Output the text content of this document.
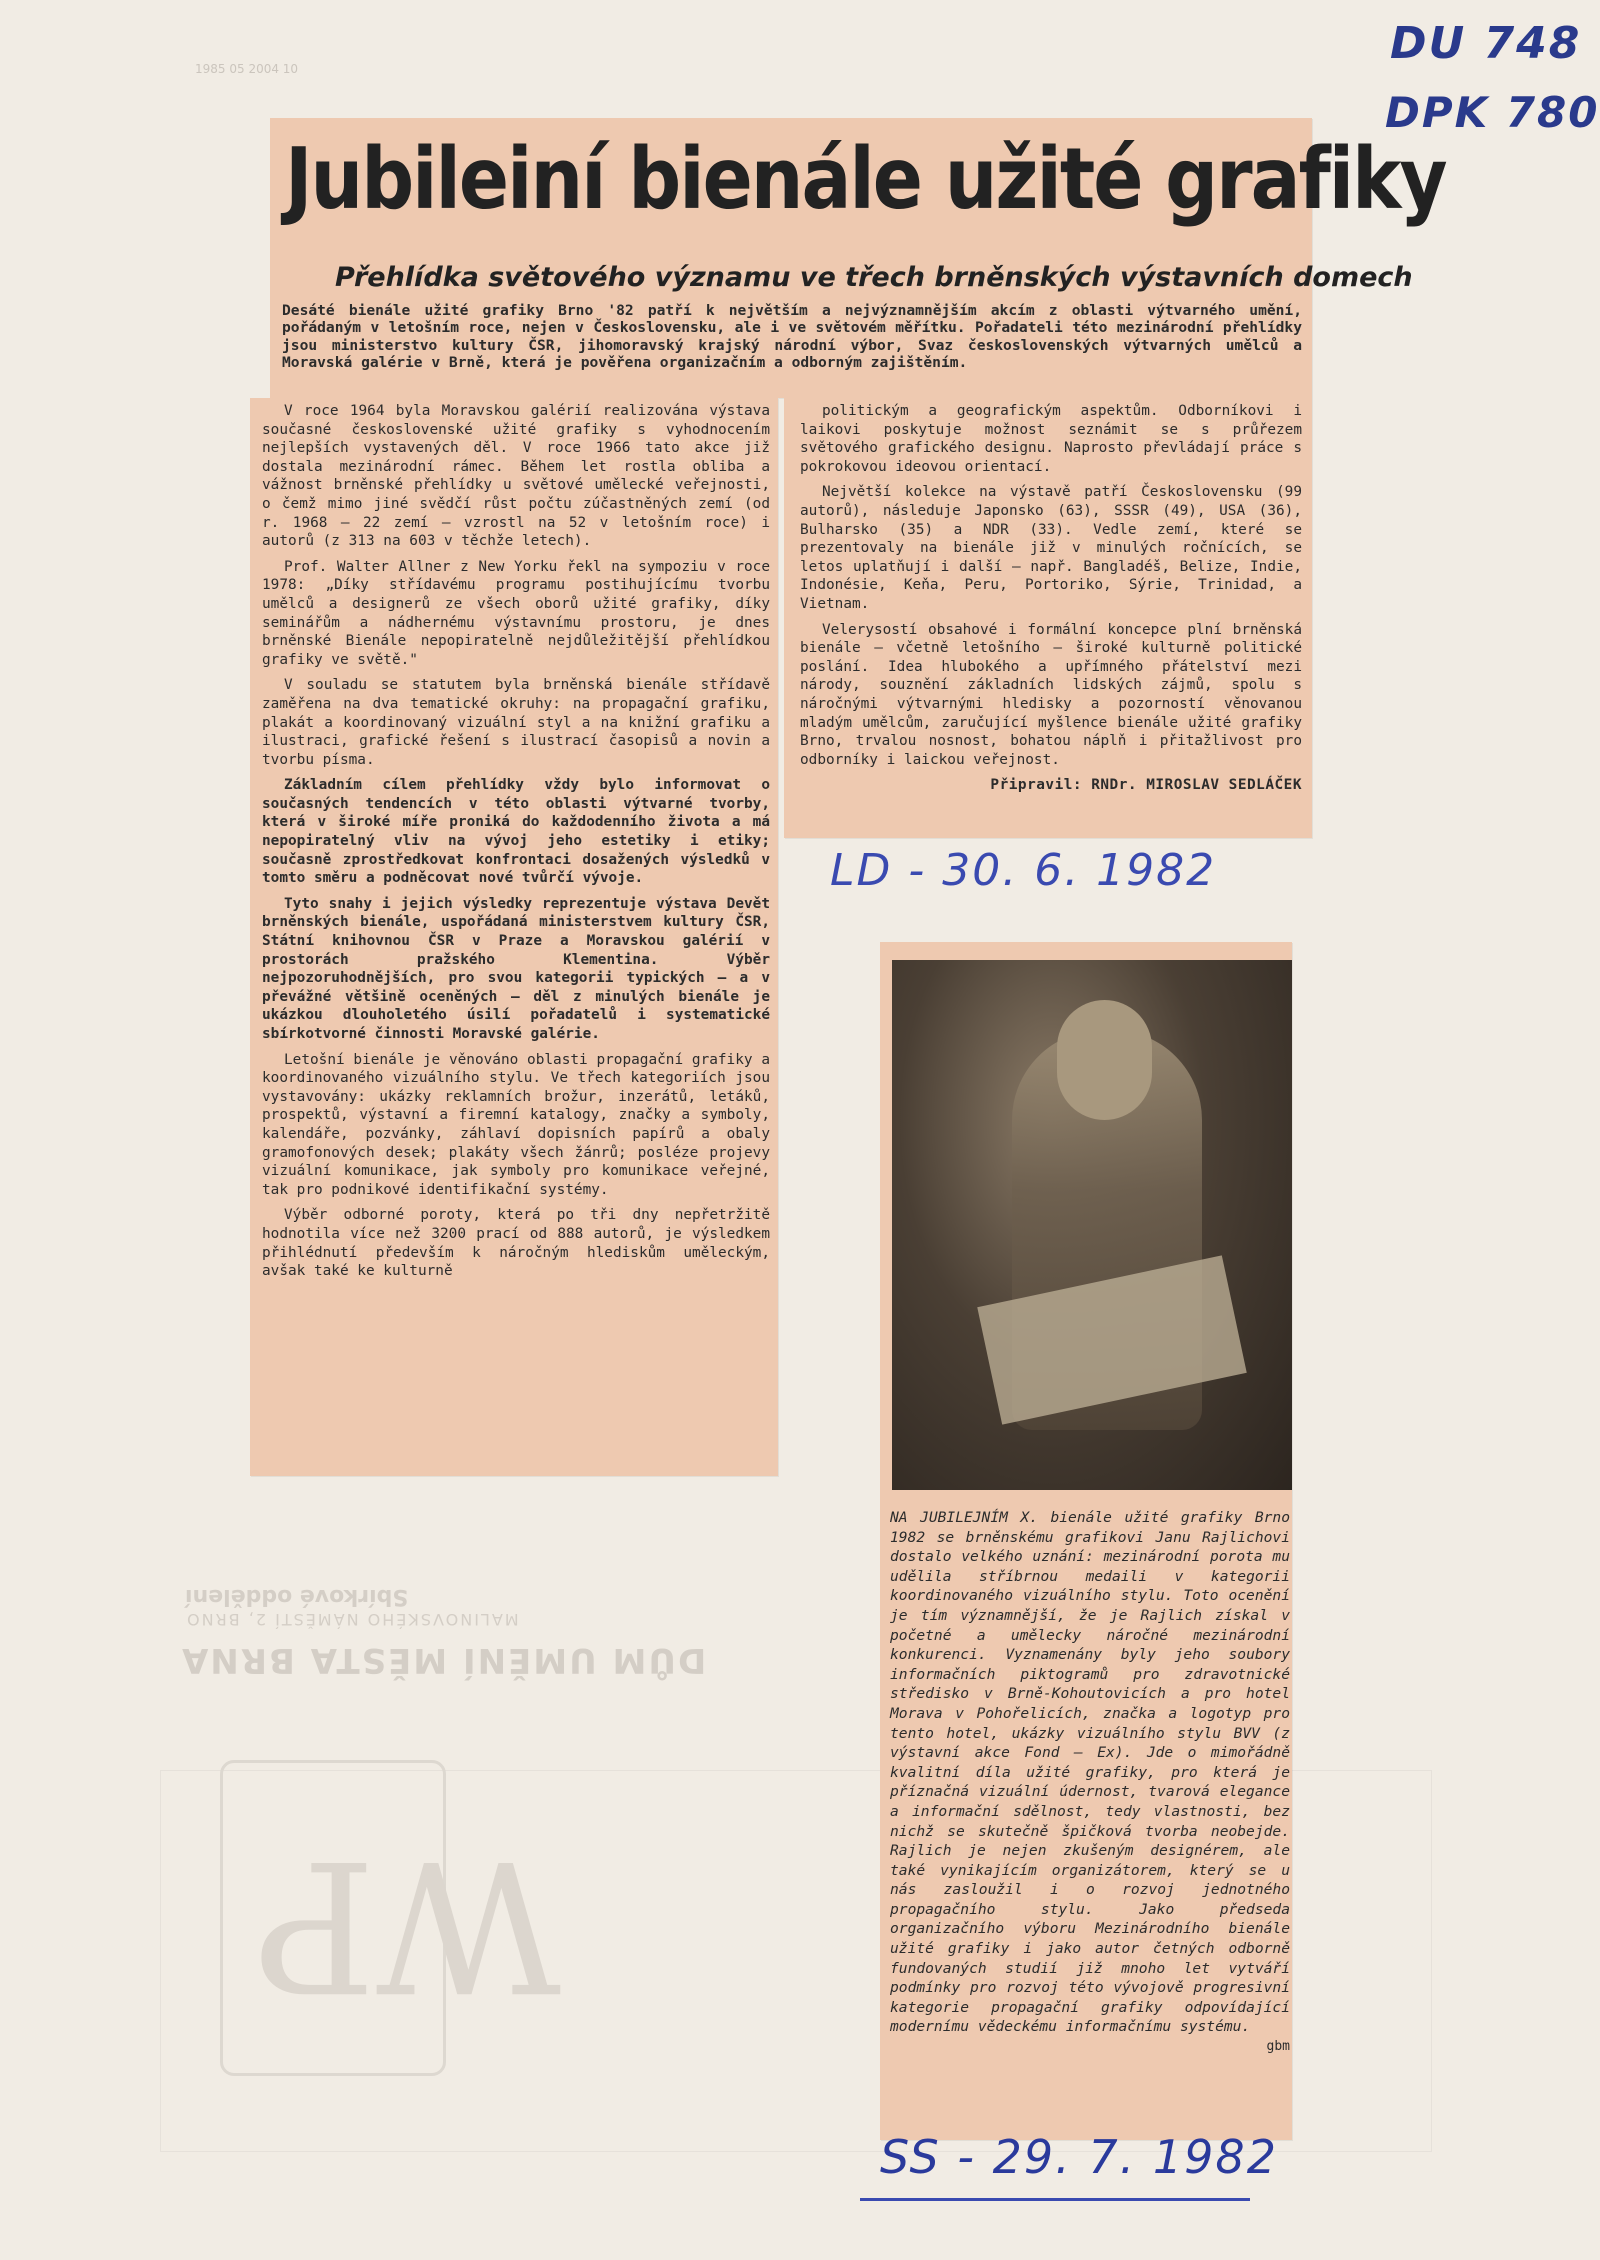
1985 05 2004 10	DU 748
DPK 780
DŮM UMĚNÍ MĚSTA BRNA
MALINOVSKÉHO NÁMĚSTÍ 2, BRNO
Sbírkové oddělení
WP
Jubileiní bienále užité grafiky
Přehlídka světového významu ve třech brněnských výstavních domech
Desáté bienále užité grafiky Brno '82 patří k největším a nejvýznamnějším akcím z oblasti výtvarného umění, pořádaným v letošním roce, nejen v Československu, ale i ve světovém měřítku. Pořadateli této mezinárodní přehlídky jsou ministerstvo kultury ČSR, jihomoravský krajský národní výbor, Svaz československých výtvarných umělců a Moravská galérie v Brně, která je pověřena organizačním a odborným zajištěním.

V roce 1964 byla Moravskou galérií realizována výstava současné československé užité grafiky s vyhodnocením nejlepších vystavených děl. V roce 1966 tato akce již dostala mezinárodní rámec. Během let rostla obliba a vážnost brněnské přehlídky u světové umělecké veřejnosti, o čemž mimo jiné svědčí růst počtu zúčastněných zemí (od r. 1968 — 22 zemí — vzrostl na 52 v letošním roce) i autorů (z 313 na 603 v těchže letech).

Prof. Walter Allner z New Yorku řekl na sympoziu v roce 1978: „Díky střídavému programu postihujícímu tvorbu umělců a designerů ze všech oborů užité grafiky, díky seminářům a nádhernému výstavnímu prostoru, je dnes brněnské Bienále nepopiratelně nejdůležitější přehlídkou grafiky ve světě."

V souladu se statutem byla brněnská bienále střídavě zaměřena na dva tematické okruhy: na propagační grafiku, plakát a koordinovaný vizuální styl a na knižní grafiku a ilustraci, grafické řešení s ilustrací časopisů a novin a tvorbu písma.

Základním cílem přehlídky vždy bylo informovat o současných tendencích v této oblasti výtvarné tvorby, která v široké míře proniká do každodenního života a má nepopiratelný vliv na vývoj jeho estetiky i etiky; současně zprostředkovat konfrontaci dosažených výsledků v tomto směru a podněcovat nové tvůrčí vývoje.

Tyto snahy i jejich výsledky reprezentuje výstava Devět brněnských bienále, uspořádaná ministerstvem kultury ČSR, Státní knihovnou ČSR v Praze a Moravskou galérií v prostorách pražského Klementina. Výběr nejpozoruhodnějších, pro svou kategorii typických — a v převážné většině oceněných — děl z minulých bienále je ukázkou dlouholetého úsilí pořadatelů i systematické sbírkotvorné činnosti Moravské galérie.

Letošní bienále je věnováno oblasti propagační grafiky a koordinovaného vizuálního stylu. Ve třech kategoriích jsou vystavovány: ukázky reklamních brožur, inzerátů, letáků, prospektů, výstavní a firemní katalogy, značky a symboly, kalendáře, pozvánky, záhlaví dopisních papírů a obaly gramofonových desek; plakáty všech žánrů; posléze projevy vizuální komunikace, jak symboly pro komunikace veřejné, tak pro podnikové identifikační systémy.

Výběr odborné poroty, která po tři dny nepřetržitě hodnotila více než 3200 prací od 888 autorů, je výsledkem přihlédnutí především k náročným hlediskům uměleckým, avšak také ke kulturně

politickým a geografickým aspektům. Odborníkovi i laikovi poskytuje možnost seznámit se s průřezem světového grafického designu. Naprosto převládají práce s pokrokovou ideovou orientací.

Největší kolekce na výstavě patří Československu (99 autorů), následuje Japonsko (63), SSSR (49), USA (36), Bulharsko (35) a NDR (33). Vedle zemí, které se prezentovaly na bienále již v minulých ročnících, se letos uplatňují i další — např. Bangladéš, Belize, Indie, Indonésie, Keňa, Peru, Portoriko, Sýrie, Trinidad, a Vietnam.

Velerysostí obsahové i formální koncepce plní brněnská bienále — včetně letošního — široké kulturně politické poslání. Idea hlubokého a upřímného přátelství mezi národy, souznění základních lidských zájmů, spolu s náročnými výtvarnými hledisky a pozorností věnovanou mladým umělcům, zaručující myšlence bienále užité grafiky Brno, trvalou nosnost, bohatou náplň i přitažlivost pro odborníky i laickou veřejnost.

Připravil: RNDr. MIROSLAV SEDLÁČEK
LD - 30. 6. 1982
NA JUBILEJNÍM X. bienále užité grafiky Brno 1982 se brněnskému grafikovi Janu Rajlichovi dostalo velkého uznání: mezinárodní porota mu udělila stříbrnou medaili v kategorii koordinovaného vizuálního stylu. Toto ocenění je tím významnější, že je Rajlich získal v početné a umělecky náročné mezinárodní konkurenci. Vyznamenány byly jeho soubory informačních piktogramů pro zdravotnické středisko v Brně-Kohoutovicích a pro hotel Morava v Pohořelicích, značka a logotyp pro tento hotel, ukázky vizuálního stylu BVV (z výstavní akce Fond — Ex). Jde o mimořádně kvalitní díla užité grafiky, pro která je příznačná vizuální údernost, tvarová elegance a informační sdělnost, tedy vlastnosti, bez nichž se skutečně špičková tvorba neobejde. Rajlich je nejen zkušeným designérem, ale také vynikajícím organizátorem, který se u nás zasloužil i o rozvoj jednotného propagačního stylu. Jako předseda organizačního výboru Mezinárodního bienále užité grafiky i jako autor četných odborně fundovaných studií již mnoho let vytváří podmínky pro rozvoj této vývojově progresivní kategorie propagační grafiky odpovídající modernímu vědeckému informačnímu systému.
gbm
SS - 29. 7. 1982
